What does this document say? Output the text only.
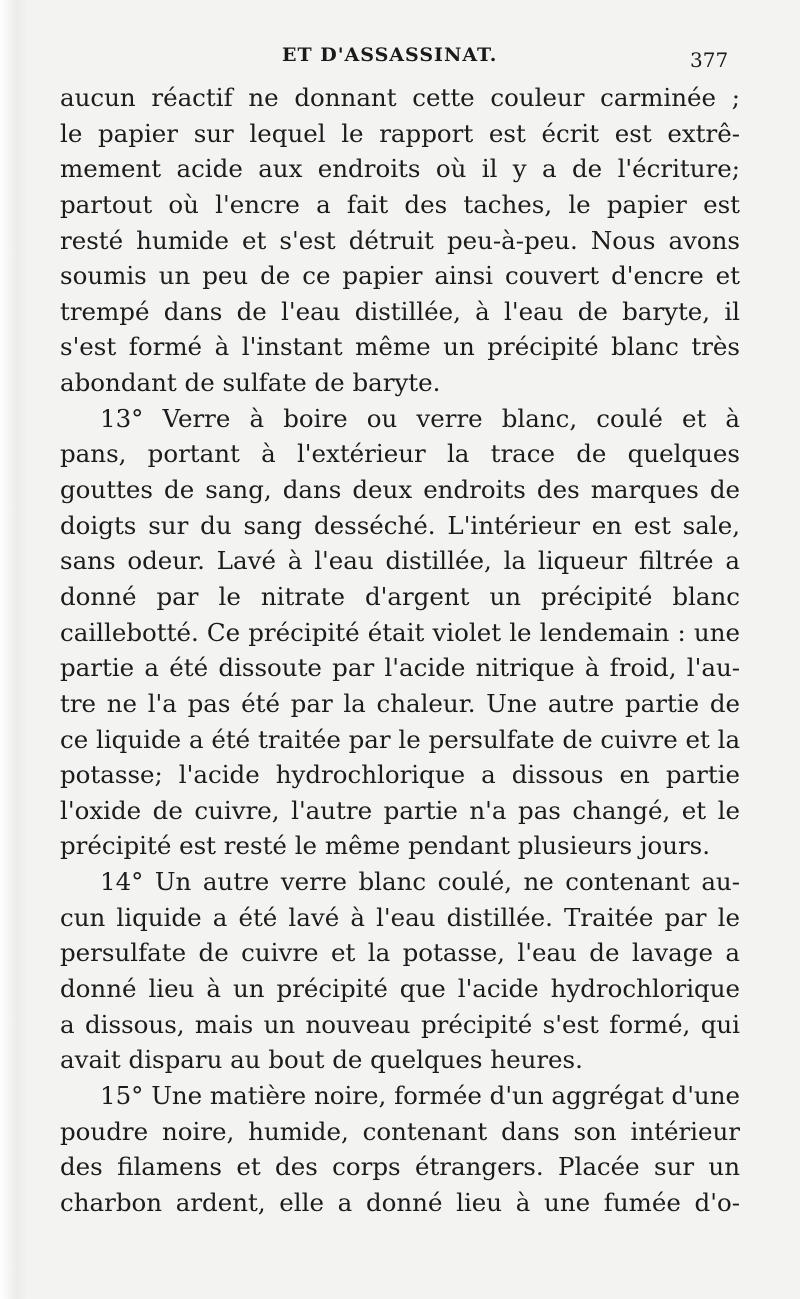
ET D'ASSASSINAT.	377
aucun réactif ne donnant cette couleur carminée ;
le papier sur lequel le rapport est écrit est extrê-
mement acide aux endroits où il y a de l'écriture;
partout où l'encre a fait des taches, le papier est
resté humide et s'est détruit peu-à-peu. Nous avons
soumis un peu de ce papier ainsi couvert d'encre et
trempé dans de l'eau distillée, à l'eau de baryte, il
s'est formé à l'instant même un précipité blanc très
abondant de sulfate de baryte.
13° Verre à boire ou verre blanc, coulé et à
pans, portant à l'extérieur la trace de quelques
gouttes de sang, dans deux endroits des marques de
doigts sur du sang desséché. L'intérieur en est sale,
sans odeur. Lavé à l'eau distillée, la liqueur filtrée a
donné par le nitrate d'argent un précipité blanc
caillebotté. Ce précipité était violet le lendemain : une
partie a été dissoute par l'acide nitrique à froid, l'au-
tre ne l'a pas été par la chaleur. Une autre partie de
ce liquide a été traitée par le persulfate de cuivre et la
potasse; l'acide hydrochlorique a dissous en partie
l'oxide de cuivre, l'autre partie n'a pas changé, et le
précipité est resté le même pendant plusieurs jours.
14° Un autre verre blanc coulé, ne contenant au-
cun liquide a été lavé à l'eau distillée. Traitée par le
persulfate de cuivre et la potasse, l'eau de lavage a
donné lieu à un précipité que l'acide hydrochlorique
a dissous, mais un nouveau précipité s'est formé, qui
avait disparu au bout de quelques heures.
15° Une matière noire, formée d'un aggrégat d'une
poudre noire, humide, contenant dans son intérieur
des filamens et des corps étrangers. Placée sur un
charbon ardent, elle a donné lieu à une fumée d'o-
